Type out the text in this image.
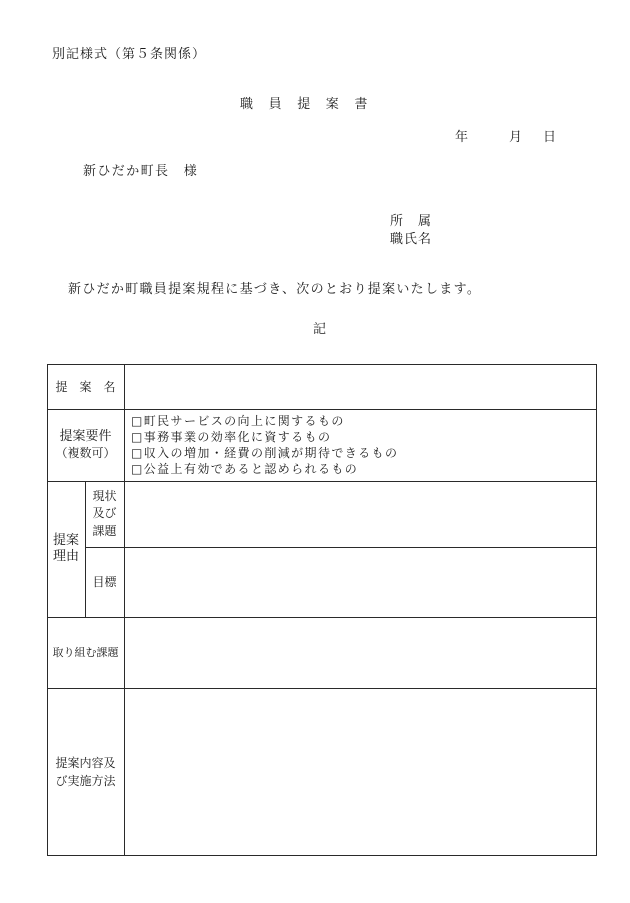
別記様式（第５条関係）
職　員　提　案　書
年	月 日
新ひだか町長　様
所　属
職氏名
新ひだか町職員提案規程に基づき、次のとおり提案いたします。
記
提　案　名
提案要件
（複数可）
□町民サービスの向上に関するもの
□事務事業の効率化に資するもの
□収入の増加・経費の削減が期待できるもの
□公益上有効であると認められるもの
提案
理由
現状
及び
課題
目標
取り組む課題
提案内容及
び実施方法
